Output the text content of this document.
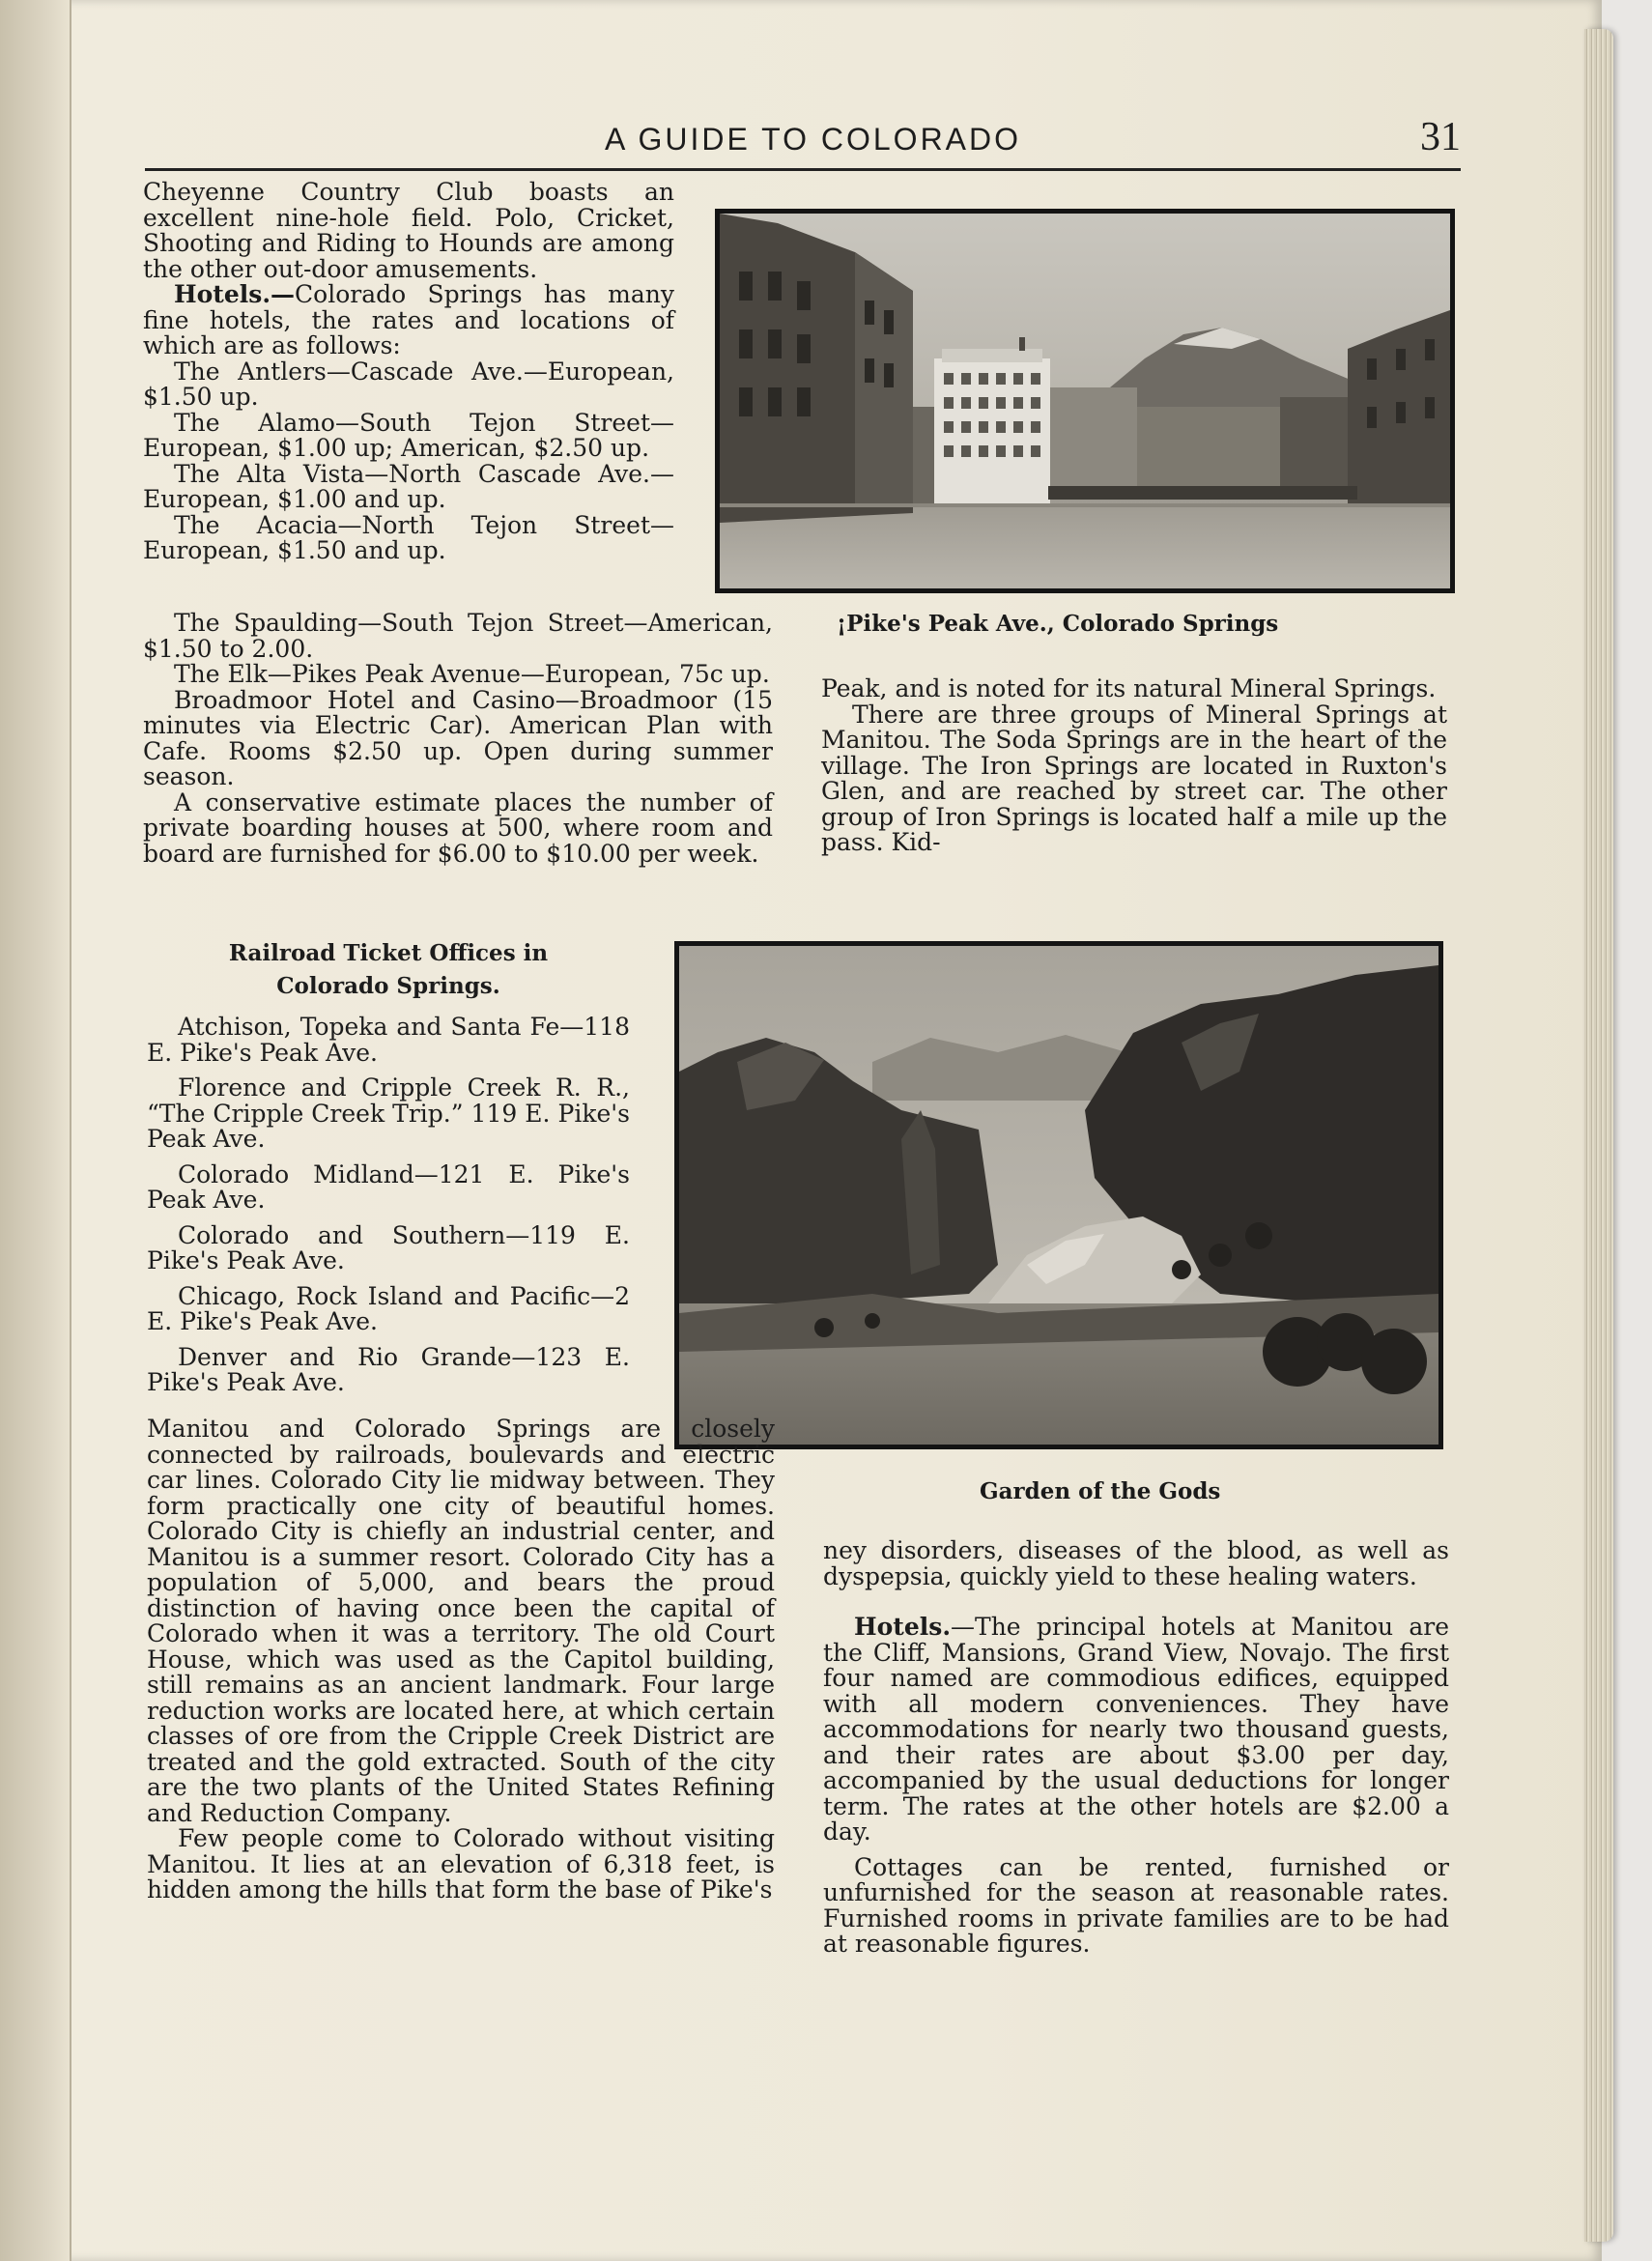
A GUIDE TO COLORADO	31

Cheyenne Country Club boasts an excellent nine-hole field. Polo, Cricket, Shooting and Riding to Hounds are among the other out-door amusements.

Hotels.—Colorado Springs has many fine hotels, the rates and locations of which are as follows:

The Antlers—Cascade Ave.—European, $1.50 up.

The Alamo—South Tejon Street—European, $1.00 up; American, $2.50 up.

The Alta Vista—North Cascade Ave.—European, $1.00 and up.

The Acacia—North Tejon Street—European, $1.50 and up.

The Spaulding—South Tejon Street—American, $1.50 to 2.00.

The Elk—Pikes Peak Avenue—European, 75c up.

Broadmoor Hotel and Casino—Broadmoor (15 minutes via Electric Car). American Plan with Cafe. Rooms $2.50 up. Open during summer season.

A conservative estimate places the number of private boarding houses at 500, where room and board are furnished for $6.00 to $10.00 per week.

¡Pike's Peak Ave., Colorado Springs

Peak, and is noted for its natural Mineral Springs.

There are three groups of Mineral Springs at Manitou. The Soda Springs are in the heart of the village. The Iron Springs are located in Ruxton's Glen, and are reached by street car. The other group of Iron Springs is located half a mile up the pass. Kid-

Railroad Ticket Offices in
Colorado Springs.

Atchison, Topeka and Santa Fe—118 E. Pike's Peak Ave.

Florence and Cripple Creek R. R., “The Cripple Creek Trip.” 119 E. Pike's Peak Ave.

Colorado Midland—121 E. Pike's Peak Ave.

Colorado and Southern—119 E. Pike's Peak Ave.

Chicago, Rock Island and Pacific—2 E. Pike's Peak Ave.

Denver and Rio Grande—123 E. Pike's Peak Ave.

Garden of the Gods

Manitou and Colorado Springs are closely connected by railroads, boulevards and electric car lines. Colorado City lie midway between. They form practically one city of beautiful homes. Colorado City is chiefly an industrial center, and Manitou is a summer resort. Colorado City has a population of 5,000, and bears the proud distinction of having once been the capital of Colorado when it was a territory. The old Court House, which was used as the Capitol building, still remains as an ancient landmark. Four large reduction works are located here, at which certain classes of ore from the Cripple Creek District are treated and the gold extracted. South of the city are the two plants of the United States Refining and Reduction Company.

Few people come to Colorado without visiting Manitou. It lies at an elevation of 6,318 feet, is hidden among the hills that form the base of Pike's

ney disorders, diseases of the blood, as well as dyspepsia, quickly yield to these healing waters.

Hotels.—The principal hotels at Manitou are the Cliff, Mansions, Grand View, Novajo. The first four named are commodious edifices, equipped with all modern conveniences. They have accommodations for nearly two thousand guests, and their rates are about $3.00 per day, accompanied by the usual deductions for longer term. The rates at the other hotels are $2.00 a day.

Cottages can be rented, furnished or unfurnished for the season at reasonable rates. Furnished rooms in private families are to be had at reasonable figures.
